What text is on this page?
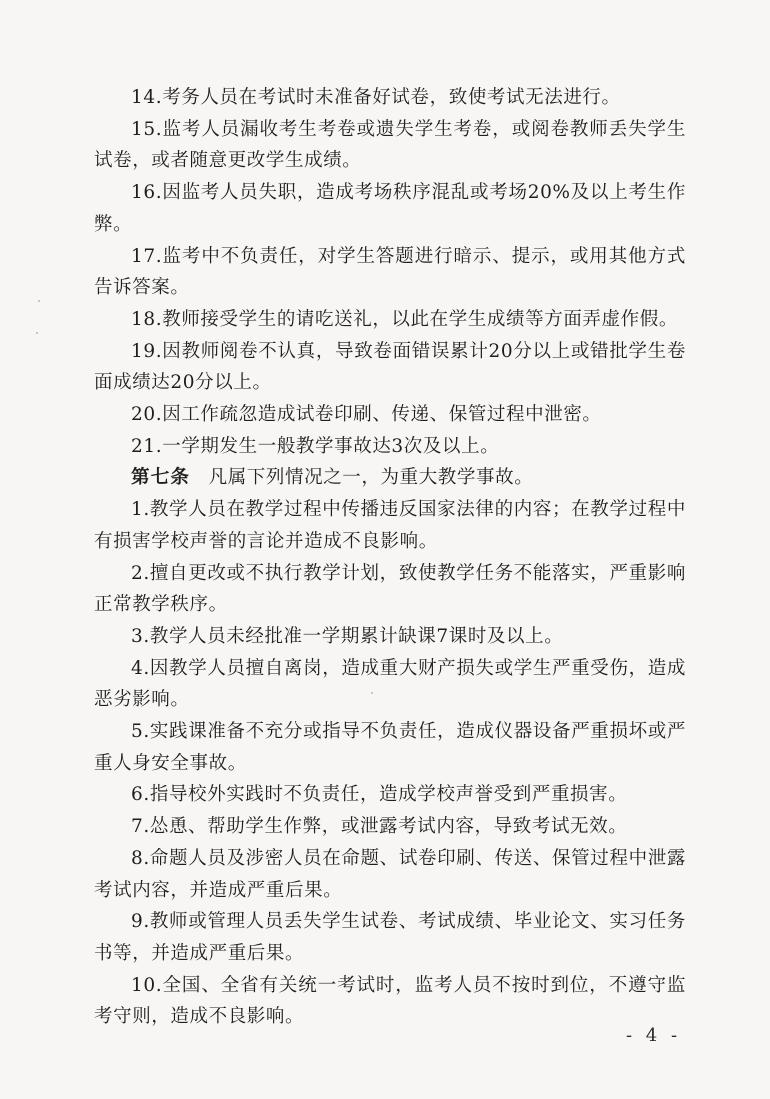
14.考务人员在考试时未准备好试卷，致使考试无法进行。

15.监考人员漏收考生考卷或遗失学生考卷，或阅卷教师丢失学生试卷，或者随意更改学生成绩。

16.因监考人员失职，造成考场秩序混乱或考场20%及以上考生作弊。

17.监考中不负责任，对学生答题进行暗示、提示，或用其他方式告诉答案。

18.教师接受学生的请吃送礼，以此在学生成绩等方面弄虚作假。

19.因教师阅卷不认真，导致卷面错误累计20分以上或错批学生卷面成绩达20分以上。

20.因工作疏忽造成试卷印刷、传递、保管过程中泄密。

21.一学期发生一般教学事故达3次及以上。

第七条 凡属下列情况之一，为重大教学事故。

1.教学人员在教学过程中传播违反国家法律的内容；在教学过程中有损害学校声誉的言论并造成不良影响。

2.擅自更改或不执行教学计划，致使教学任务不能落实，严重影响正常教学秩序。

3.教学人员未经批准一学期累计缺课7课时及以上。

4.因教学人员擅自离岗，造成重大财产损失或学生严重受伤，造成恶劣影响。

5.实践课准备不充分或指导不负责任，造成仪器设备严重损坏或严重人身安全事故。

6.指导校外实践时不负责任，造成学校声誉受到严重损害。

7.怂恿、帮助学生作弊，或泄露考试内容，导致考试无效。

8.命题人员及涉密人员在命题、试卷印刷、传送、保管过程中泄露考试内容，并造成严重后果。

9.教师或管理人员丢失学生试卷、考试成绩、毕业论文、实习任务书等，并造成严重后果。

10.全国、全省有关统一考试时，监考人员不按时到位，不遵守监考守则，造成不良影响。

- 4 -
